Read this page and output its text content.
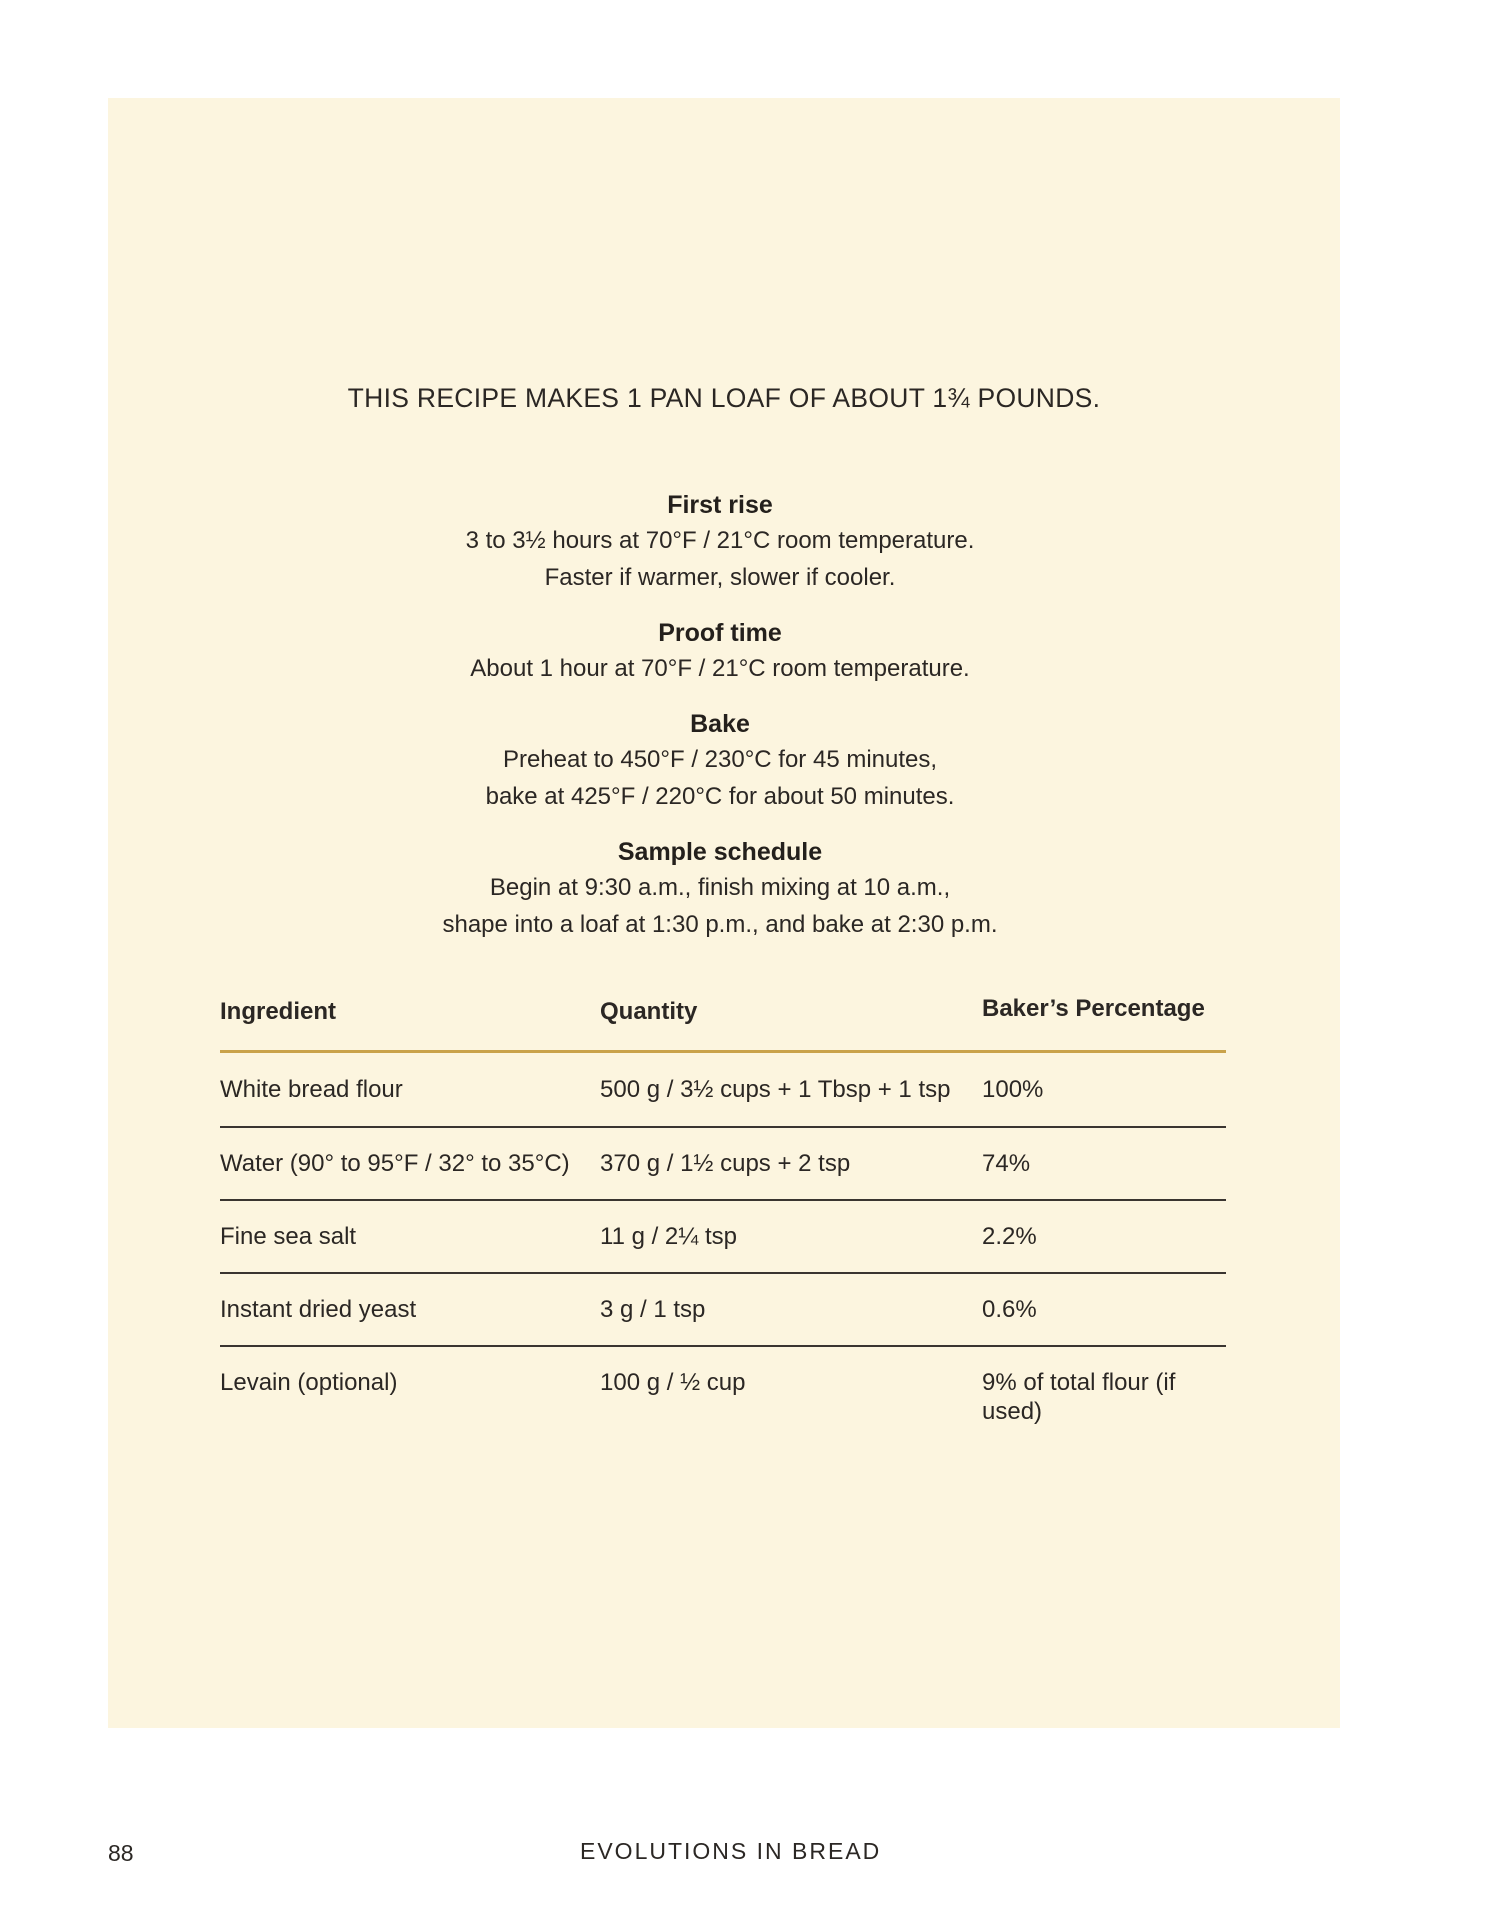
THIS RECIPE MAKES 1 PAN LOAF OF ABOUT 1¾ POUNDS.
First rise
3 to 3½ hours at 70°F / 21°C room temperature.
Faster if warmer, slower if cooler.
Proof time
About 1 hour at 70°F / 21°C room temperature.
Bake
Preheat to 450°F / 230°C for 45 minutes,
bake at 425°F / 220°C for about 50 minutes.
Sample schedule
Begin at 9:30 a.m., finish mixing at 10 a.m.,
shape into a loaf at 1:30 p.m., and bake at 2:30 p.m.
Ingredient	Quantity	Baker’s Percentage
White bread flour	500 g / 3½ cups + 1 Tbsp + 1 tsp 100%
Water (90° to 95°F / 32° to 35°C) 370 g / 1½ cups + 2 tsp	74%
Fine sea salt	11 g / 2¼ tsp	2.2%
Instant dried yeast	3 g / 1 tsp	0.6%
Levain (optional)	100 g / ½ cup	9% of total flour (if used)
88	EVOLUTIONS IN BREAD
